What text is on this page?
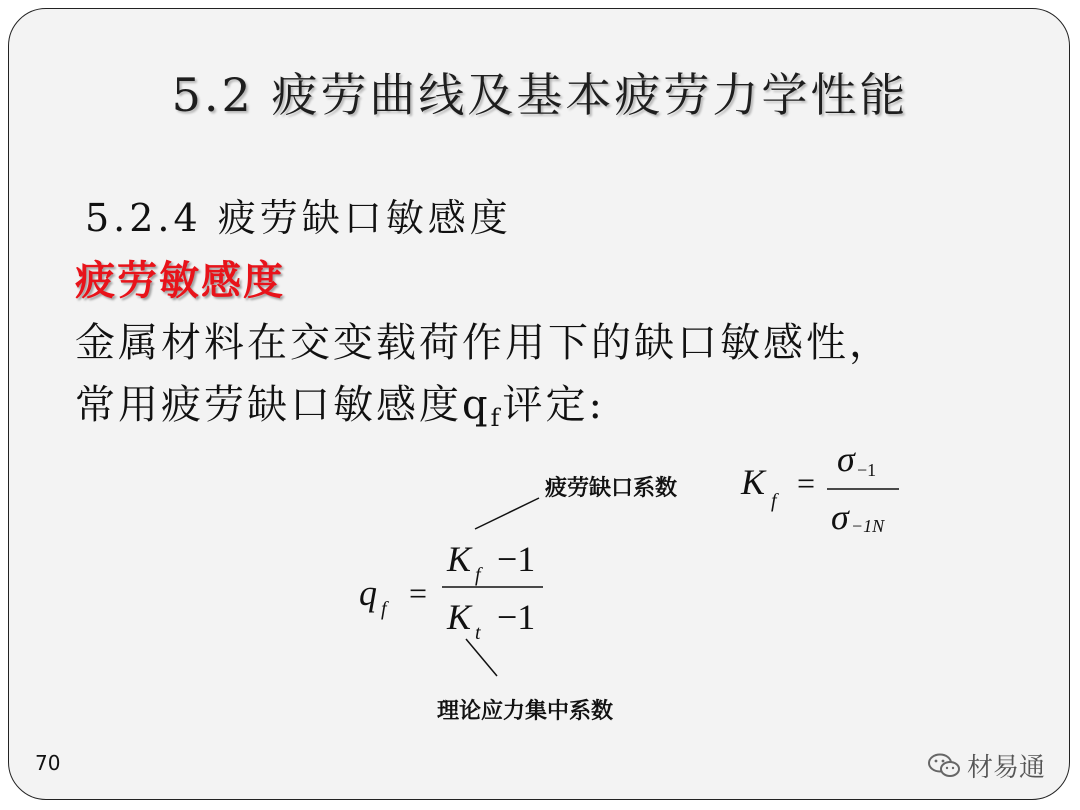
5.2 疲劳曲线及基本疲劳力学性能
5.2.4 疲劳缺口敏感度
疲劳敏感度
金属材料在交变载荷作用下的缺口敏感性，
常用疲劳缺口敏感度$q_f$评定:
疲劳缺口系数
理论应力集中系数
K f =
σ −1
σ −1N
q f =
K f −1
K t −1
70	材易通
